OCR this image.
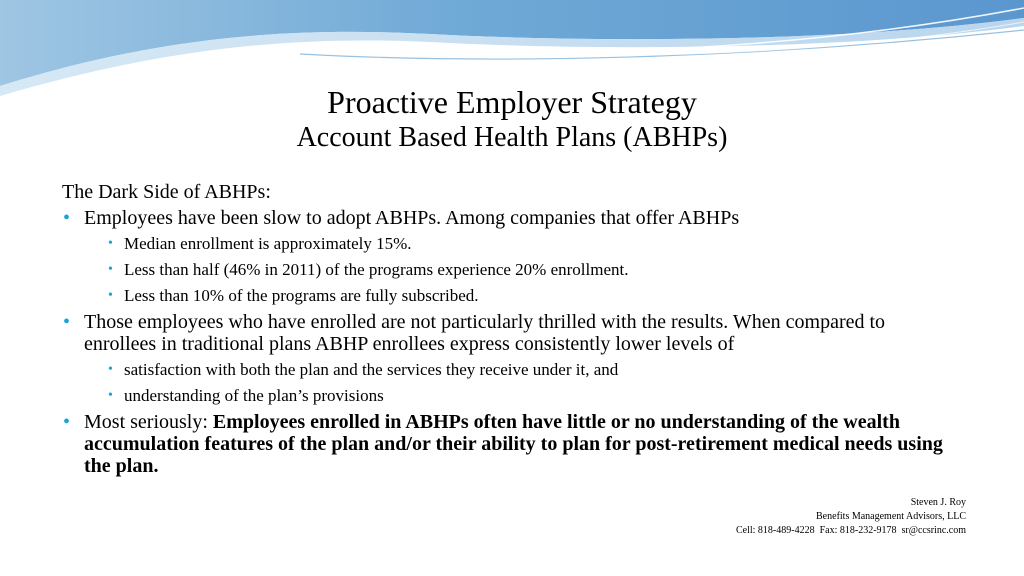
Proactive Employer Strategy
Account Based Health Plans (ABHPs)
The Dark Side of ABHPs:
• Employees have been slow to adopt ABHPs. Among companies that offer ABHPs
• Median enrollment is approximately 15%.
• Less than half (46% in 2011) of the programs experience 20% enrollment.
• Less than 10% of the programs are fully subscribed.
• Those employees who have enrolled are not particularly thrilled with the results. When compared to enrollees in traditional plans ABHP enrollees express consistently lower levels of
• satisfaction with both the plan and the services they receive under it, and
• understanding of the plan’s provisions
• Most seriously: Employees enrolled in ABHPs often have little or no understanding of the wealth accumulation features of the plan and/or their ability to plan for post-retirement medical needs using the plan.
Steven J. Roy
Benefits Management Advisors, LLC
Cell: 818-489-4228  Fax: 818-232-9178  sr@ccsrinc.com
